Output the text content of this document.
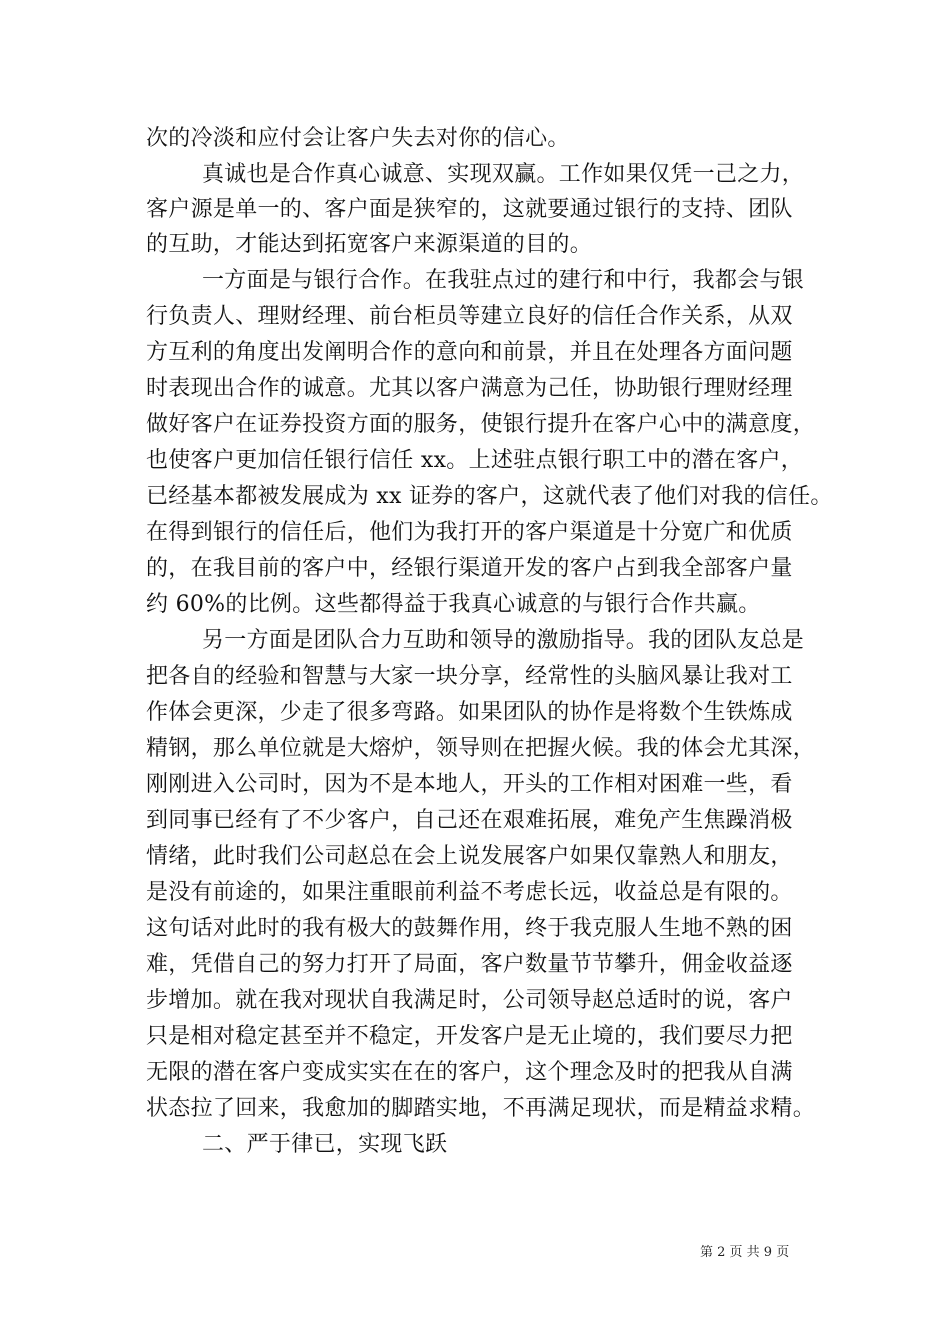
次的冷淡和应付会让客户失去对你的信心。
真诚也是合作真心诚意、实现双赢。工作如果仅凭一己之力，
客户源是单一的、客户面是狭窄的，这就要通过银行的支持、团队
的互助，才能达到拓宽客户来源渠道的目的。
一方面是与银行合作。在我驻点过的建行和中行，我都会与银
行负责人、理财经理、前台柜员等建立良好的信任合作关系，从双
方互利的角度出发阐明合作的意向和前景，并且在处理各方面问题
时表现出合作的诚意。尤其以客户满意为己任，协助银行理财经理
做好客户在证券投资方面的服务，使银行提升在客户心中的满意度，
也使客户更加信任银行信任 xx。上述驻点银行职工中的潜在客户，
已经基本都被发展成为 xx 证券的客户，这就代表了他们对我的信任。
在得到银行的信任后，他们为我打开的客户渠道是十分宽广和优质
的，在我目前的客户中，经银行渠道开发的客户占到我全部客户量
约 60%的比例。这些都得益于我真心诚意的与银行合作共赢。
另一方面是团队合力互助和领导的激励指导。我的团队友总是
把各自的经验和智慧与大家一块分享，经常性的头脑风暴让我对工
作体会更深，少走了很多弯路。如果团队的协作是将数个生铁炼成
精钢，那么单位就是大熔炉，领导则在把握火候。我的体会尤其深，
刚刚进入公司时，因为不是本地人，开头的工作相对困难一些，看
到同事已经有了不少客户，自己还在艰难拓展，难免产生焦躁消极
情绪，此时我们公司赵总在会上说发展客户如果仅靠熟人和朋友，
是没有前途的，如果注重眼前利益不考虑长远，收益总是有限的。
这句话对此时的我有极大的鼓舞作用，终于我克服人生地不熟的困
难，凭借自己的努力打开了局面，客户数量节节攀升，佣金收益逐
步增加。就在我对现状自我满足时，公司领导赵总适时的说，客户
只是相对稳定甚至并不稳定，开发客户是无止境的，我们要尽力把
无限的潜在客户变成实实在在的客户，这个理念及时的把我从自满
状态拉了回来，我愈加的脚踏实地，不再满足现状，而是精益求精。
二、严于律已，实现飞跃
第 2 页 共 9 页
